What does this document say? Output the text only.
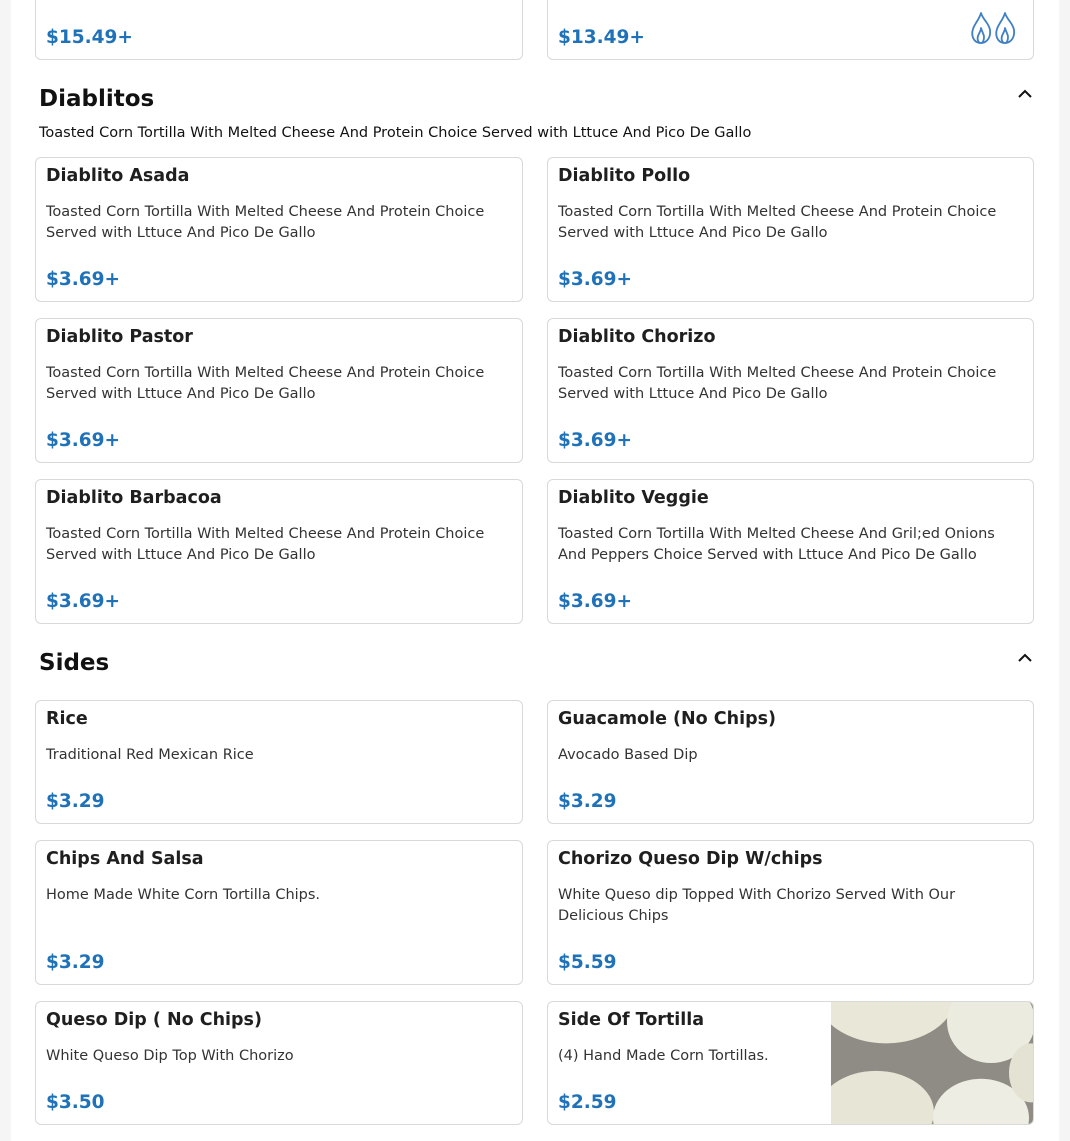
$15.49+	$13.49+
Diablitos
Toasted Corn Tortilla With Melted Cheese And Protein Choice Served with Lttuce And Pico De Gallo
Diablito Asada
Toasted Corn Tortilla With Melted Cheese And Protein Choice Served with Lttuce And Pico De Gallo
$3.69+
Diablito Pollo
Toasted Corn Tortilla With Melted Cheese And Protein Choice Served with Lttuce And Pico De Gallo
$3.69+
Diablito Pastor
Toasted Corn Tortilla With Melted Cheese And Protein Choice Served with Lttuce And Pico De Gallo
$3.69+
Diablito Chorizo
Toasted Corn Tortilla With Melted Cheese And Protein Choice Served with Lttuce And Pico De Gallo
$3.69+
Diablito Barbacoa
Toasted Corn Tortilla With Melted Cheese And Protein Choice Served with Lttuce And Pico De Gallo
$3.69+
Diablito Veggie
Toasted Corn Tortilla With Melted Cheese And Gril;ed Onions And Peppers Choice Served with Lttuce And Pico De Gallo
$3.69+
Sides
Rice
Traditional Red Mexican Rice
$3.29
Guacamole (No Chips)
Avocado Based Dip
$3.29
Chips And Salsa
Home Made White Corn Tortilla Chips.
$3.29
Chorizo Queso Dip W/chips
White Queso dip Topped With Chorizo Served With Our Delicious Chips
$5.59
Queso Dip ( No Chips)
White Queso Dip Top With Chorizo
$3.50
Side Of Tortilla
(4) Hand Made Corn Tortillas.
$2.59
